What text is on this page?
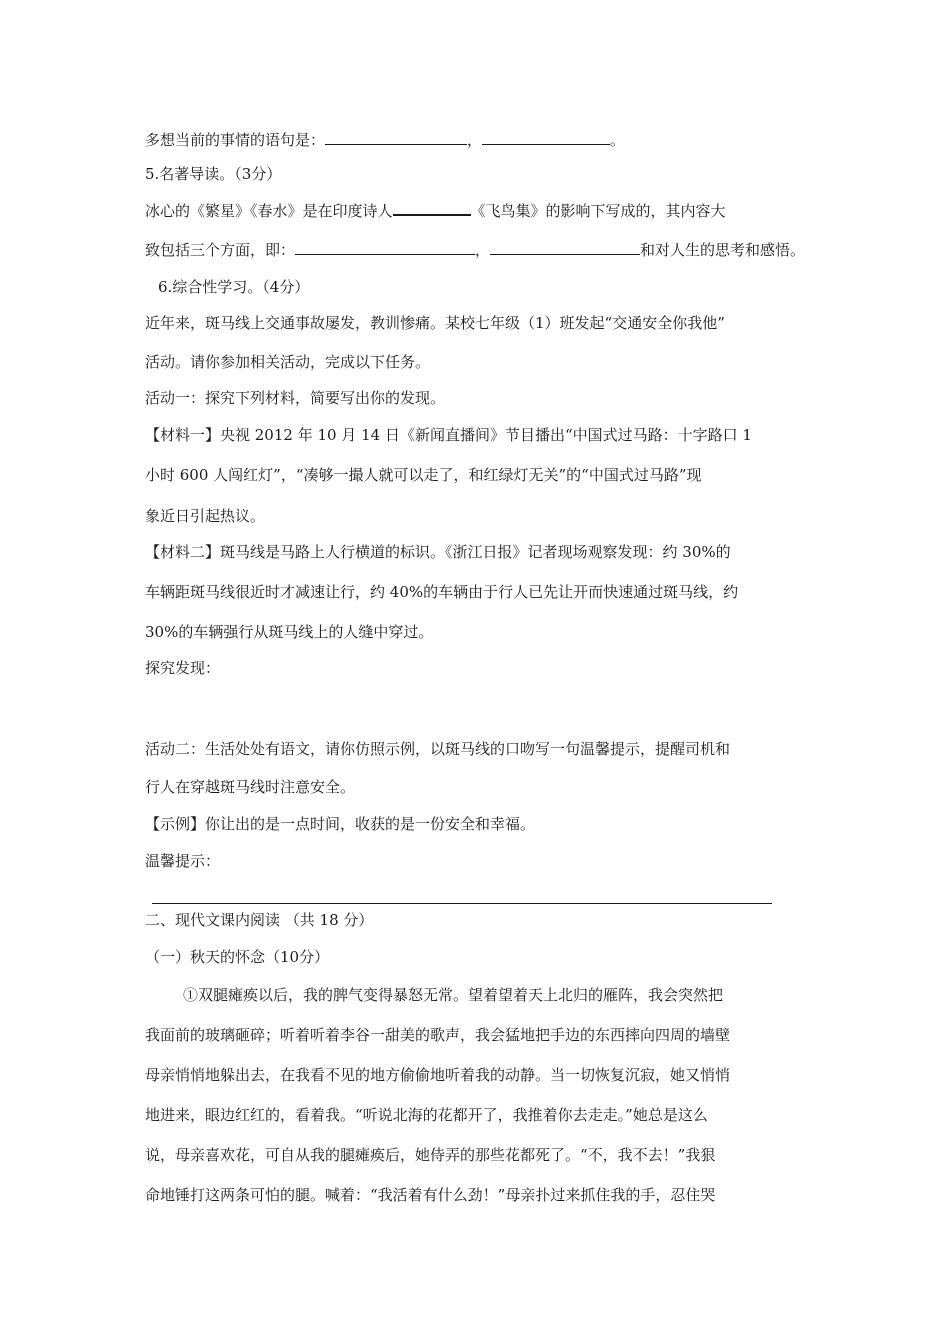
多想当前的事情的语句是：	，	。

5.名著导读。（3分）

冰心的《繁星》《春水》是在印度诗人	《飞鸟集》的影响下写成的，其内容大

致包括三个方面，即：	，	和对人生的思考和感悟。

6.综合性学习。（4分）

近年来，斑马线上交通事故屡发，教训惨痛。某校七年级（1）班发起“交通安全你我他”

活动。请你参加相关活动，完成以下任务。

活动一：探究下列材料，简要写出你的发现。

【材料一】央视 2012 年 10 月 14 日《新闻直播间》节目播出“中国式过马路：十字路口 1

小时 600 人闯红灯”，“凑够一撮人就可以走了，和红绿灯无关”的“中国式过马路”现

象近日引起热议。

【材料二】斑马线是马路上人行横道的标识。《浙江日报》记者现场观察发现：约 30%的

车辆距斑马线很近时才减速让行，约 40%的车辆由于行人已先让开而快速通过斑马线，约

30%的车辆强行从斑马线上的人缝中穿过。

探究发现：

活动二：生活处处有语文，请你仿照示例，以斑马线的口吻写一句温馨提示，提醒司机和

行人在穿越斑马线时注意安全。

【示例】你让出的是一点时间，收获的是一份安全和幸福。

温馨提示：

二、现代文课内阅读 （共 18 分）

（一）秋天的怀念（10分）

①双腿瘫痪以后，我的脾气变得暴怒无常。望着望着天上北归的雁阵，我会突然把

我面前的玻璃砸碎；听着听着李谷一甜美的歌声，我会猛地把手边的东西摔向四周的墙壁

母亲悄悄地躲出去，在我看不见的地方偷偷地听着我的动静。当一切恢复沉寂，她又悄悄

地进来，眼边红红的，看着我。“听说北海的花都开了，我推着你去走走。”她总是这么

说，母亲喜欢花，可自从我的腿瘫痪后，她侍弄的那些花都死了。“不，我不去！”我狠

命地锤打这两条可怕的腿。喊着：“我活着有什么劲！”母亲扑过来抓住我的手，忍住哭
